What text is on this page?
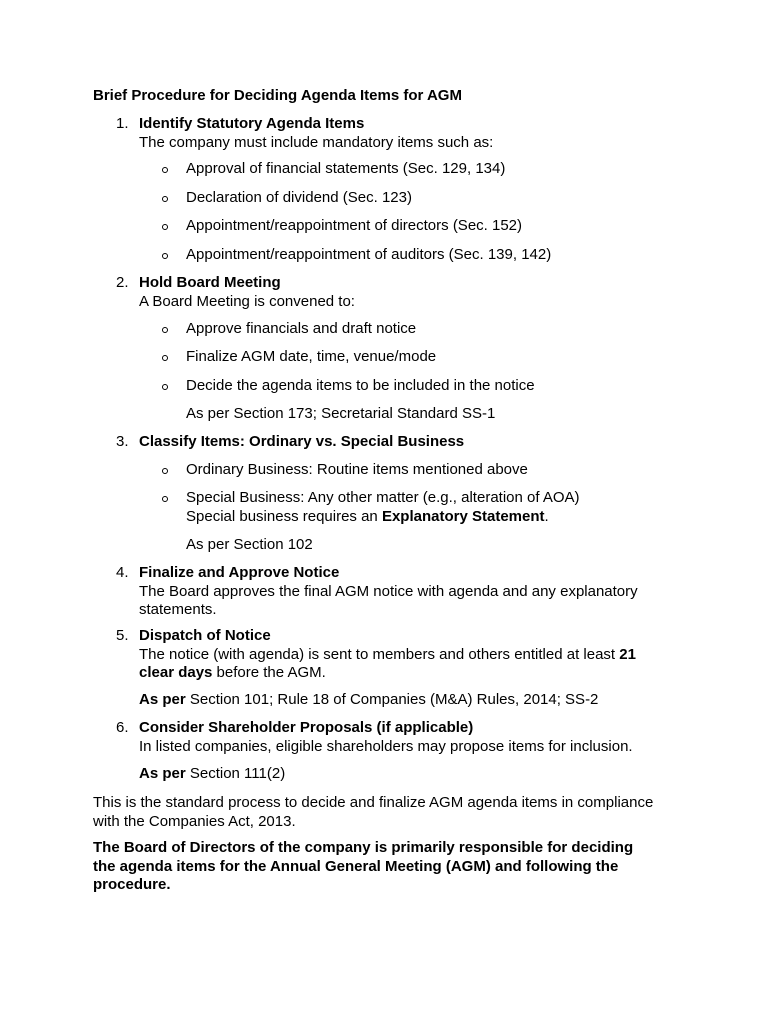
Brief Procedure for Deciding Agenda Items for AGM
1. Identify Statutory Agenda Items
The company must include mandatory items such as:
Approval of financial statements (Sec. 129, 134)
Declaration of dividend (Sec. 123)
Appointment/reappointment of directors (Sec. 152)
Appointment/reappointment of auditors (Sec. 139, 142)
2. Hold Board Meeting
A Board Meeting is convened to:
Approve financials and draft notice
Finalize AGM date, time, venue/mode
Decide the agenda items to be included in the notice
As per Section 173; Secretarial Standard SS-1
3. Classify Items: Ordinary vs. Special Business
Ordinary Business: Routine items mentioned above
Special Business: Any other matter (e.g., alteration of AOA)
Special business requires an Explanatory Statement.
As per Section 102
4. Finalize and Approve Notice
The Board approves the final AGM notice with agenda and any explanatory
statements.
5. Dispatch of Notice
The notice (with agenda) is sent to members and others entitled at least 21
clear days before the AGM.
As per Section 101; Rule 18 of Companies (M&A) Rules, 2014; SS-2
6. Consider Shareholder Proposals (if applicable)
In listed companies, eligible shareholders may propose items for inclusion.
As per Section 111(2)
This is the standard process to decide and finalize AGM agenda items in compliance
with the Companies Act, 2013.
The Board of Directors of the company is primarily responsible for deciding
the agenda items for the Annual General Meeting (AGM) and following the
procedure.
